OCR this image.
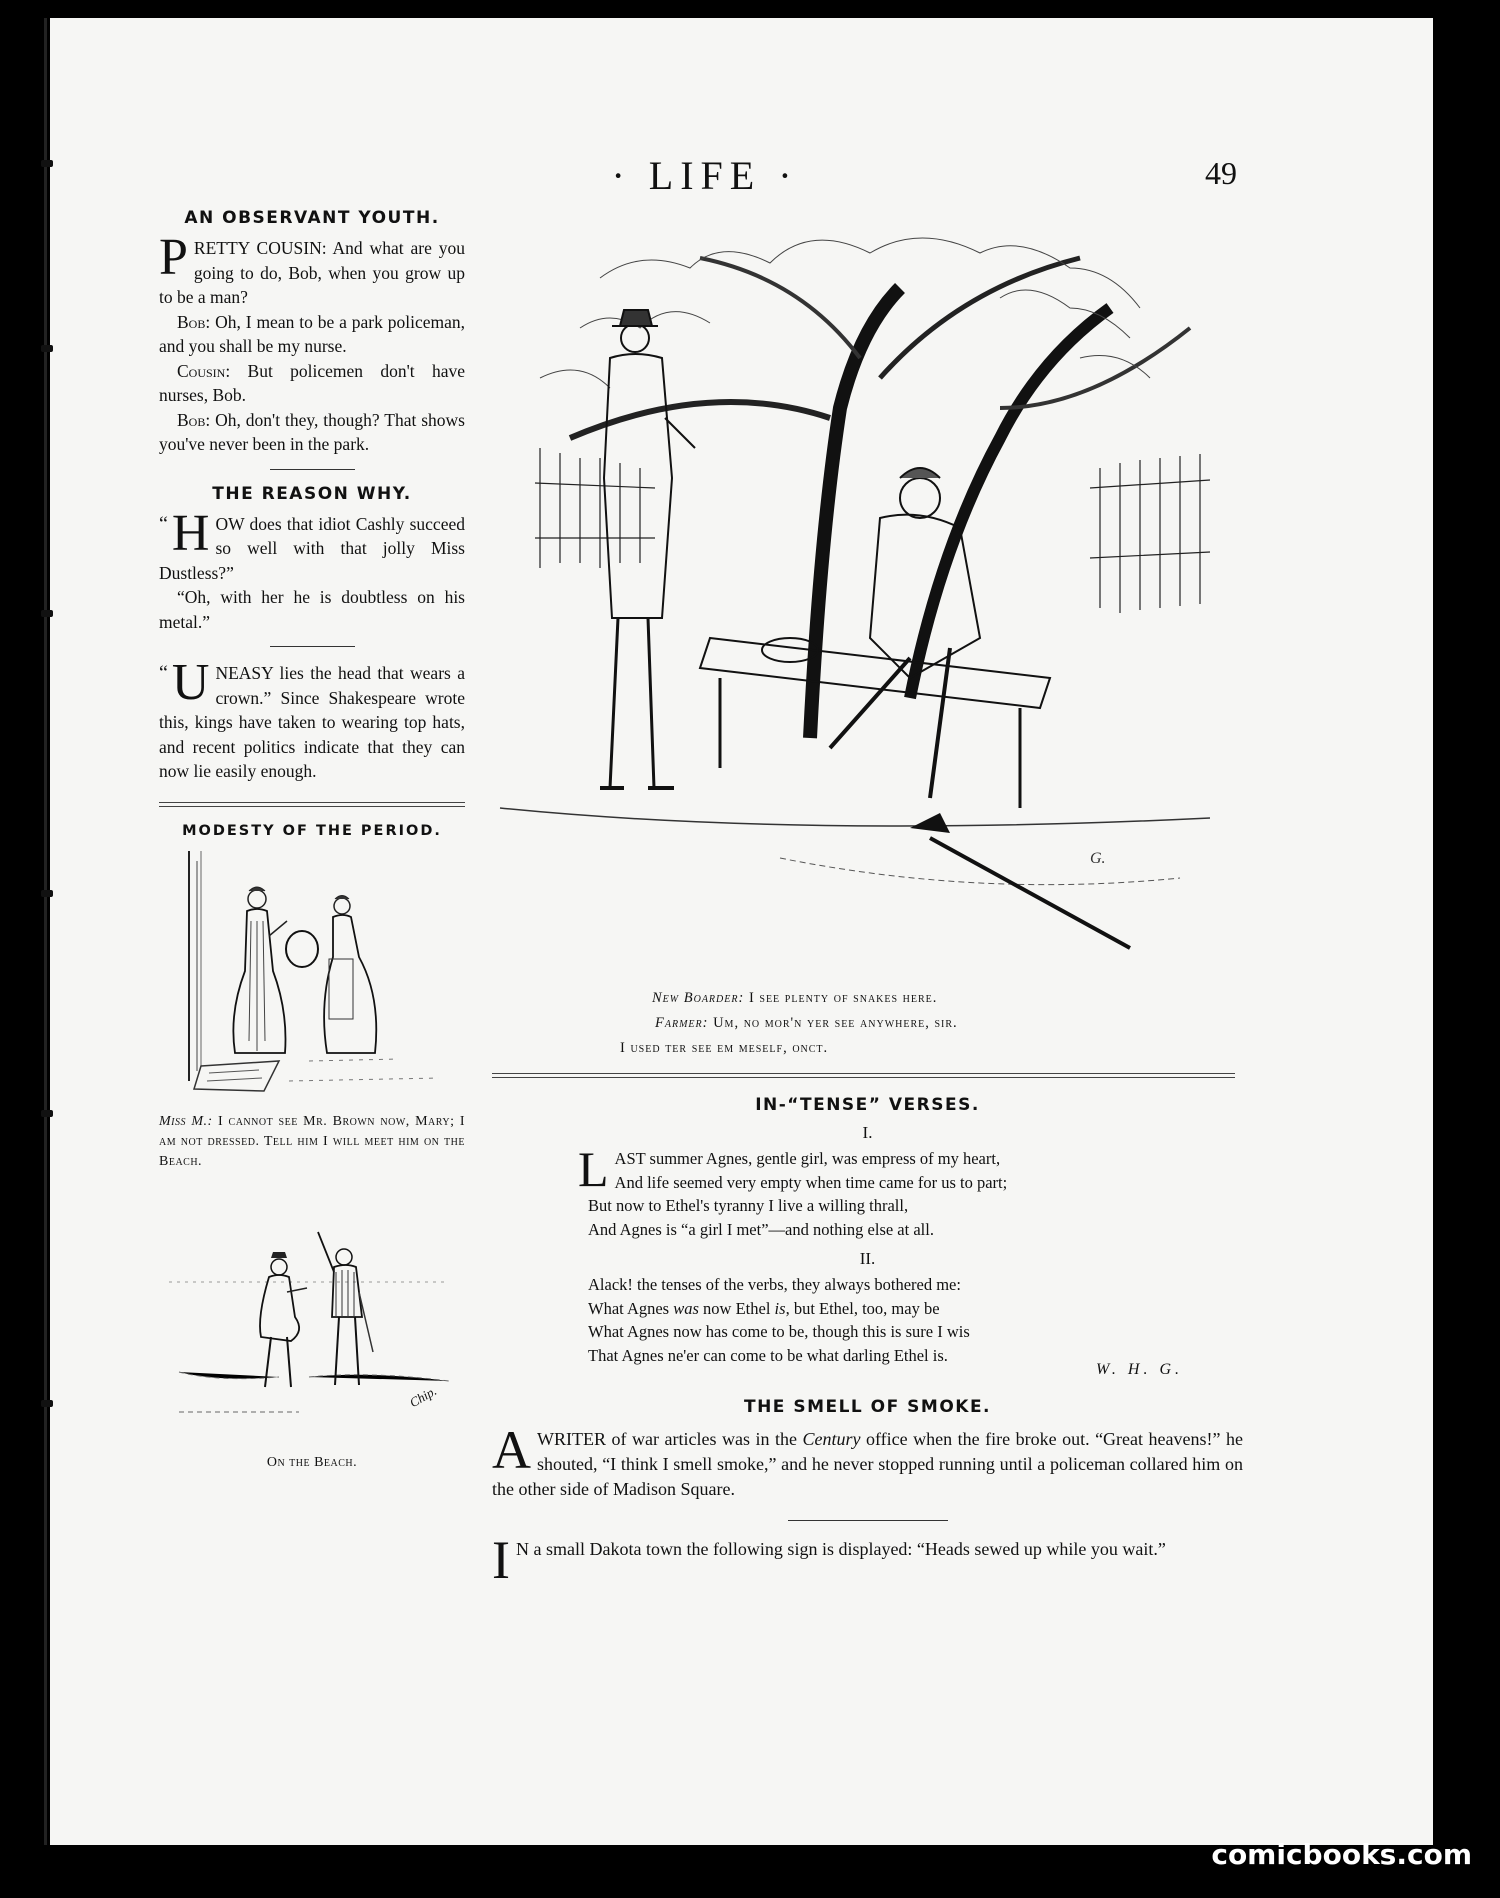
· LIFE ·	49
AN OBSERVANT YOUTH.

PRETTY COUSIN: And what are you going to do, Bob, when you grow up to be a man?

Bob: Oh, I mean to be a park policeman, and you shall be my nurse.

Cousin: But policemen don't have nurses, Bob.

Bob: Oh, don't they, though? That shows you've never been in the park.

THE REASON WHY.

“ H OW does that idiot Cashly succeed so well with that jolly Miss Dustless?”

“Oh, with her he is doubtless on his metal.”

“ U NEASY lies the head that wears a crown.” Since Shakespeare wrote this, kings have taken to wearing top hats, and recent politics indicate that they can now lie easily enough.

MODESTY OF THE PERIOD.
Miss M.: I cannot see Mr. Brown now, Mary; I am not dressed. Tell him I will meet him on the Beach.
Chip.
On the Beach.
G.
New Boarder: I see plenty of snakes here.
Farmer: Um, no mor'n yer see anywhere, sir.
I used ter see em meself, onct.
IN-“TENSE” VERSES.
I.
L AST summer Agnes, gentle girl, was empress of my heart,
And life seemed very empty when time came for us to part;
But now to Ethel's tyranny I live a willing thrall,
And Agnes is “a girl I met”—and nothing else at all.
II.
Alack! the tenses of the verbs, they always bothered me:
What Agnes was now Ethel is, but Ethel, too, may be
What Agnes now has come to be, though this is sure I wis
That Agnes ne'er can come to be what darling Ethel is.
W. H. G.
THE SMELL OF SMOKE.

AWRITER of war articles was in the Century office when the fire broke out. “Great heavens!” he shouted, “I think I smell smoke,” and he never stopped running until a policeman collared him on the other side of Madison Square.

I N a small Dakota town the following sign is displayed: “Heads sewed up while you wait.”

comicbooks.com
